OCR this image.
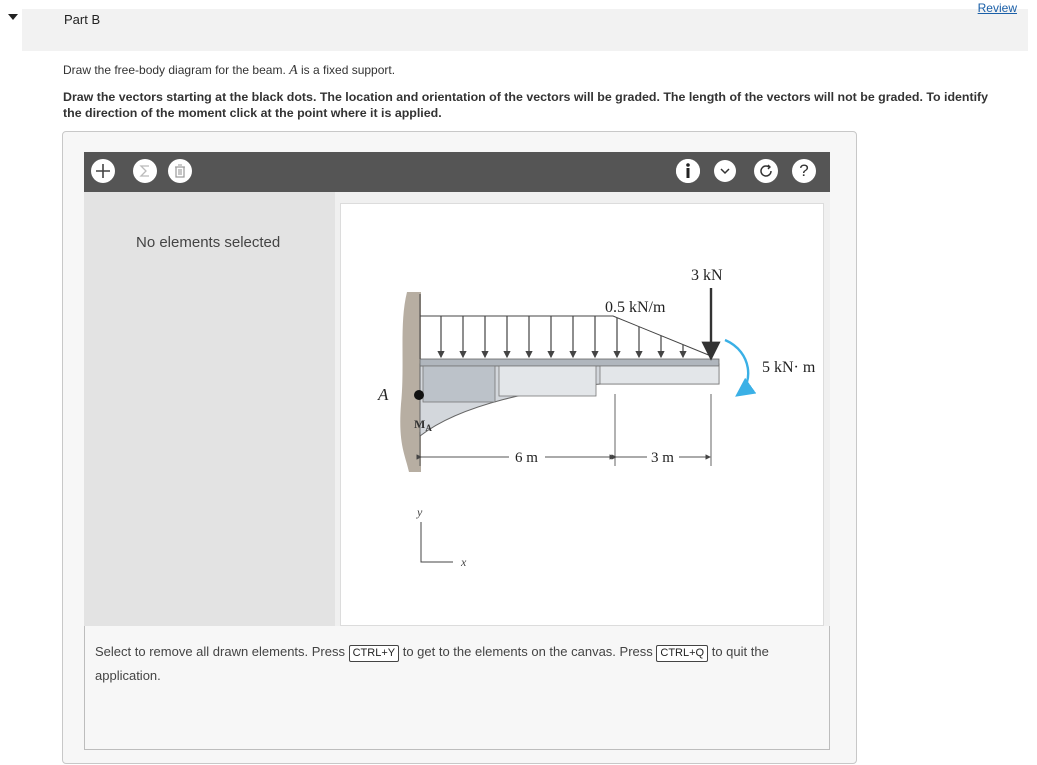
Part B
Review
Draw the free-body diagram for the beam. A is a fixed support.
Draw the vectors starting at the black dots. The location and orientation of the vectors will be graded. The length of the vectors will not be graded. To identify the direction of the moment click at the point where it is applied.
?
No elements selected
3 kN
0.5 kN/m
5 kN· m
A
$M_A$
6 m	3 m
y
x
Select to remove all drawn elements. Press CTRL+Y to get to the elements on the canvas. Press CTRL+Q to quit the application.
